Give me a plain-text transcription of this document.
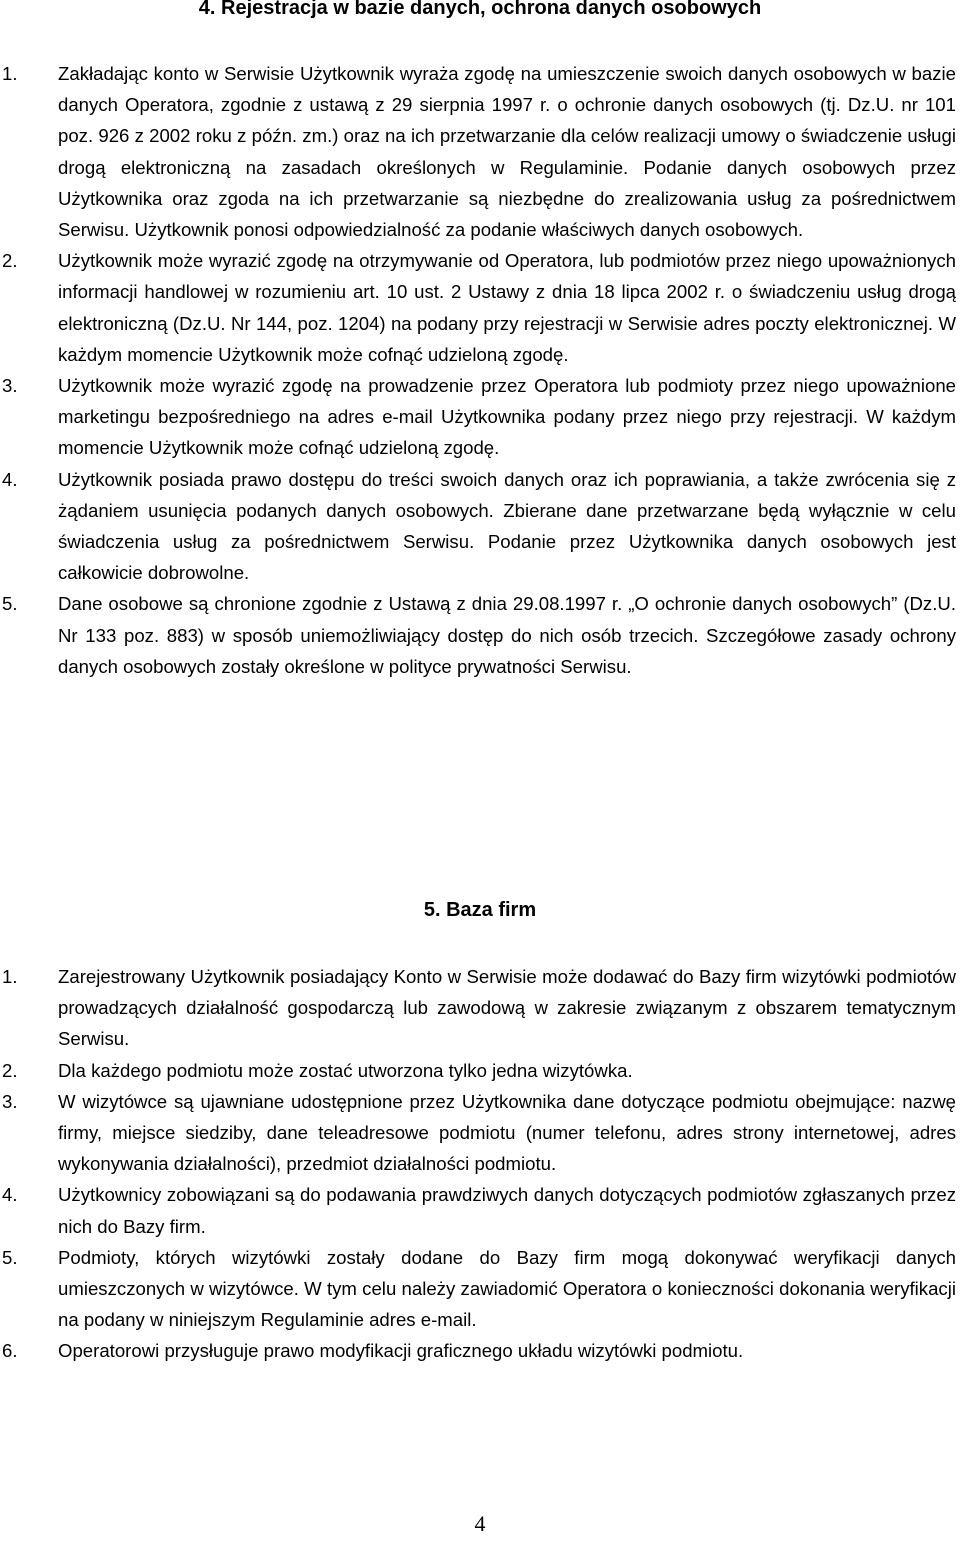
4. Rejestracja w bazie danych, ochrona danych osobowych
1. Zakładając konto w Serwisie Użytkownik wyraża zgodę na umieszczenie swoich danych osobowych w bazie danych Operatora, zgodnie z ustawą z 29 sierpnia 1997 r. o ochronie danych osobowych (tj. Dz.U. nr 101 poz. 926 z 2002 roku z późn. zm.) oraz na ich przetwarzanie dla celów realizacji umowy o świadczenie usługi drogą elektroniczną na zasadach określonych w Regulaminie. Podanie danych osobowych przez Użytkownika oraz zgoda na ich przetwarzanie są niezbędne do zrealizowania usług za pośrednictwem Serwisu. Użytkownik ponosi odpowiedzialność za podanie właściwych danych osobowych.
2. Użytkownik może wyrazić zgodę na otrzymywanie od Operatora, lub podmiotów przez niego upoważnionych informacji handlowej w rozumieniu art. 10 ust. 2 Ustawy z dnia 18 lipca 2002 r. o świadczeniu usług drogą elektroniczną (Dz.U. Nr 144, poz. 1204) na podany przy rejestracji w Serwisie adres poczty elektronicznej. W każdym momencie Użytkownik może cofnąć udzieloną zgodę.
3. Użytkownik może wyrazić zgodę na prowadzenie przez Operatora lub podmioty przez niego upoważnione marketingu bezpośredniego na adres e-mail Użytkownika podany przez niego przy rejestracji. W każdym momencie Użytkownik może cofnąć udzieloną zgodę.
4. Użytkownik posiada prawo dostępu do treści swoich danych oraz ich poprawiania, a także zwrócenia się z żądaniem usunięcia podanych danych osobowych. Zbierane dane przetwarzane będą wyłącznie w celu świadczenia usług za pośrednictwem Serwisu. Podanie przez Użytkownika danych osobowych jest całkowicie dobrowolne.
5. Dane osobowe są chronione zgodnie z Ustawą z dnia 29.08.1997 r. „O ochronie danych osobowych” (Dz.U. Nr 133 poz. 883) w sposób uniemożliwiający dostęp do nich osób trzecich. Szczegółowe zasady ochrony danych osobowych zostały określone w polityce prywatności Serwisu.
5. Baza firm
1. Zarejestrowany Użytkownik posiadający Konto w Serwisie może dodawać do Bazy firm wizytówki podmiotów prowadzących działalność gospodarczą lub zawodową w zakresie związanym z obszarem tematycznym Serwisu.
2. Dla każdego podmiotu może zostać utworzona tylko jedna wizytówka.
3. W wizytówce są ujawniane udostępnione przez Użytkownika dane dotyczące podmiotu obejmujące: nazwę firmy, miejsce siedziby, dane teleadresowe podmiotu (numer telefonu, adres strony internetowej, adres wykonywania działalności), przedmiot działalności podmiotu.
4. Użytkownicy zobowiązani są do podawania prawdziwych danych dotyczących podmiotów zgłaszanych przez nich do Bazy firm.
5. Podmioty, których wizytówki zostały dodane do Bazy firm mogą dokonywać weryfikacji danych umieszczonych w wizytówce. W tym celu należy zawiadomić Operatora o konieczności dokonania weryfikacji na podany w niniejszym Regulaminie adres e-mail.
6. Operatorowi przysługuje prawo modyfikacji graficznego układu wizytówki podmiotu.
4
